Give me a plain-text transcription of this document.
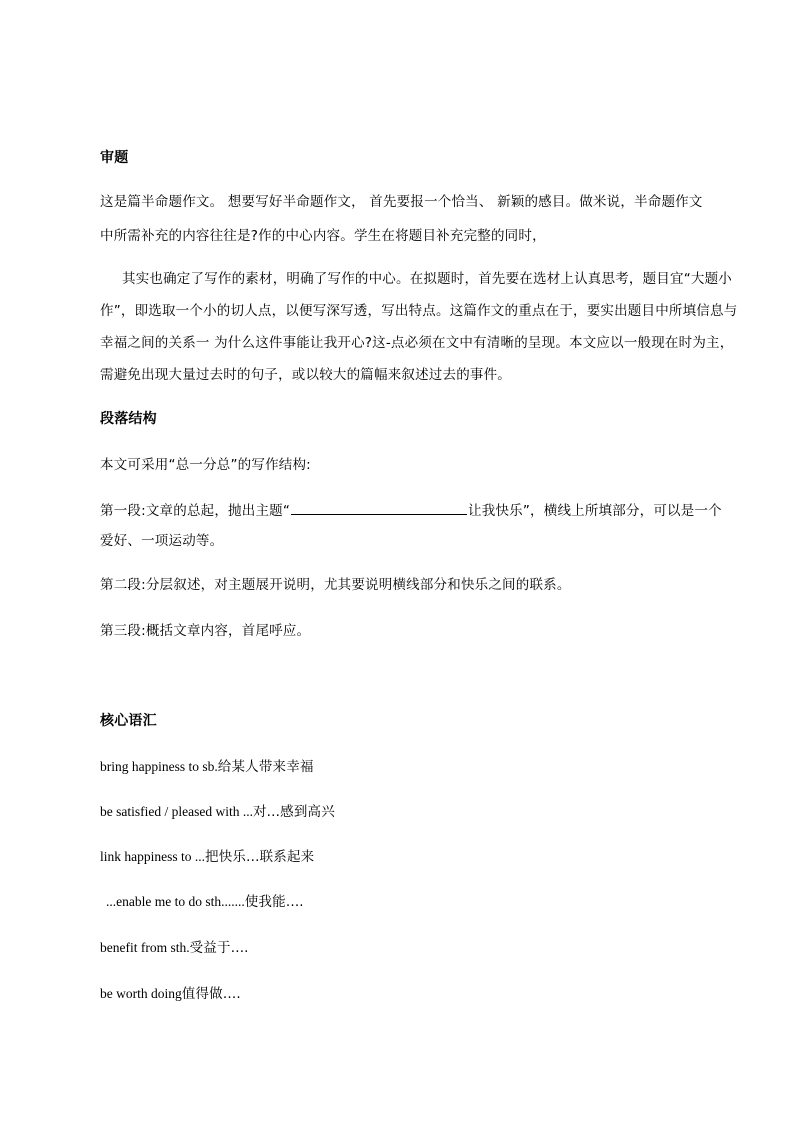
审题
这是篇半命题作文。 想要写好半命题作文， 首先要报一个恰当、 新颖的感目。做米说，半命题作文
中所需补充的内容往往是?作的中心内容。学生在将题目补充完整的同时，
其实也确定了写作的素材，明确了写作的中心。在拟题时，首先要在选材上认真思考，题目宜“大题小
作”，即选取一个小的切人点，以便写深写透，写出特点。这篇作文的重点在于，要实出题目中所填信息与
幸福之间的关系一 为什么这件事能让我开心?这-点必须在文中有清晰的呈现。本文应以一般现在时为主，
需避免出现大量过去时的句子，或以较大的篇幅来叙述过去的事件。
段落结构
本文可采用“总一分总”的写作结构:
第一段:文章的总起，抛出主题“	让我快乐”，横线上所填部分，可以是一个
爱好、一项运动等。
第二段:分层叙述，对主题展开说明，尤其要说明横线部分和快乐之间的联系。
第三段:概括文章内容，首尾呼应。
核心语汇
bring happiness to sb.给某人带来幸福
be satisfied / pleased with ...对...感到高兴
link happiness to ...把快乐...联系起来
...enable me to do sth.......使我能....
benefit from sth.受益于....
be worth doing值得做....
